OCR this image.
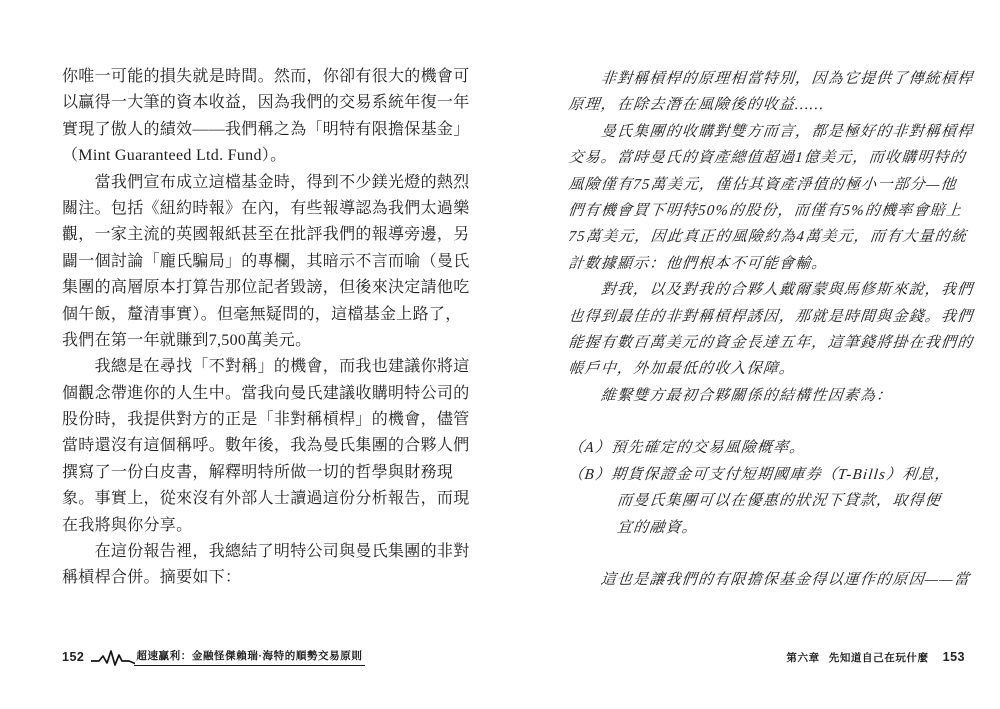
你唯一可能的損失就是時間。然而，你卻有很大的機會可
以贏得一大筆的資本收益，因為我們的交易系統年復一年
實現了傲人的績效——我們稱之為「明特有限擔保基金」
（Mint Guaranteed Ltd. Fund）。
　　當我們宣布成立這檔基金時，得到不少鎂光燈的熱烈
關注。包括《紐約時報》在內，有些報導認為我們太過樂
觀，一家主流的英國報紙甚至在批評我們的報導旁邊，另
闢一個討論「龐氏騙局」的專欄，其暗示不言而喻（曼氏
集團的高層原本打算告那位記者毀謗，但後來決定請他吃
個午飯，釐清事實）。但毫無疑問的，這檔基金上路了，
我們在第一年就賺到7,500萬美元。
　　我總是在尋找「不對稱」的機會，而我也建議你將這
個觀念帶進你的人生中。當我向曼氏建議收購明特公司的
股份時，我提供對方的正是「非對稱槓桿」的機會，儘管
當時還沒有這個稱呼。數年後，我為曼氏集團的合夥人們
撰寫了一份白皮書，解釋明特所做一切的哲學與財務現
象。事實上，從來沒有外部人士讀過這份分析報告，而現
在我將與你分享。
　　在這份報告裡，我總結了明特公司與曼氏集團的非對
稱槓桿合併。摘要如下：
　　非對稱槓桿的原理相當特別，因為它提供了傳統槓桿
原理，在除去潛在風險後的收益……
　　曼氏集團的收購對雙方而言，都是極好的非對稱槓桿
交易。當時曼氏的資產總值超過1億美元，而收購明特的
風險僅有75萬美元，僅佔其資產淨值的極小一部分—他
們有機會買下明特50%的股份，而僅有5%的機率會賠上
75萬美元，因此真正的風險約為4萬美元，而有大量的統
計數據顯示：他們根本不可能會輸。
　　對我，以及對我的合夥人戴爾蒙與馬修斯來說，我們
也得到最佳的非對稱槓桿誘因，那就是時間與金錢。我們
能握有數百萬美元的資金長達五年，這筆錢將掛在我們的
帳戶中，外加最低的收入保障。
　　維繫雙方最初合夥關係的結構性因素為：

（A）預先確定的交易風險概率。
（B）期貨保證金可支付短期國庫券（T-Bills）利息，
　　　而曼氏集團可以在優惠的狀況下貸款，取得便
　　　宜的融資。

　　這也是讓我們的有限擔保基金得以運作的原因——當
152	超速贏利：金融怪傑賴瑞·海特的順勢交易原則	第六章 先知道自己在玩什麼 153
